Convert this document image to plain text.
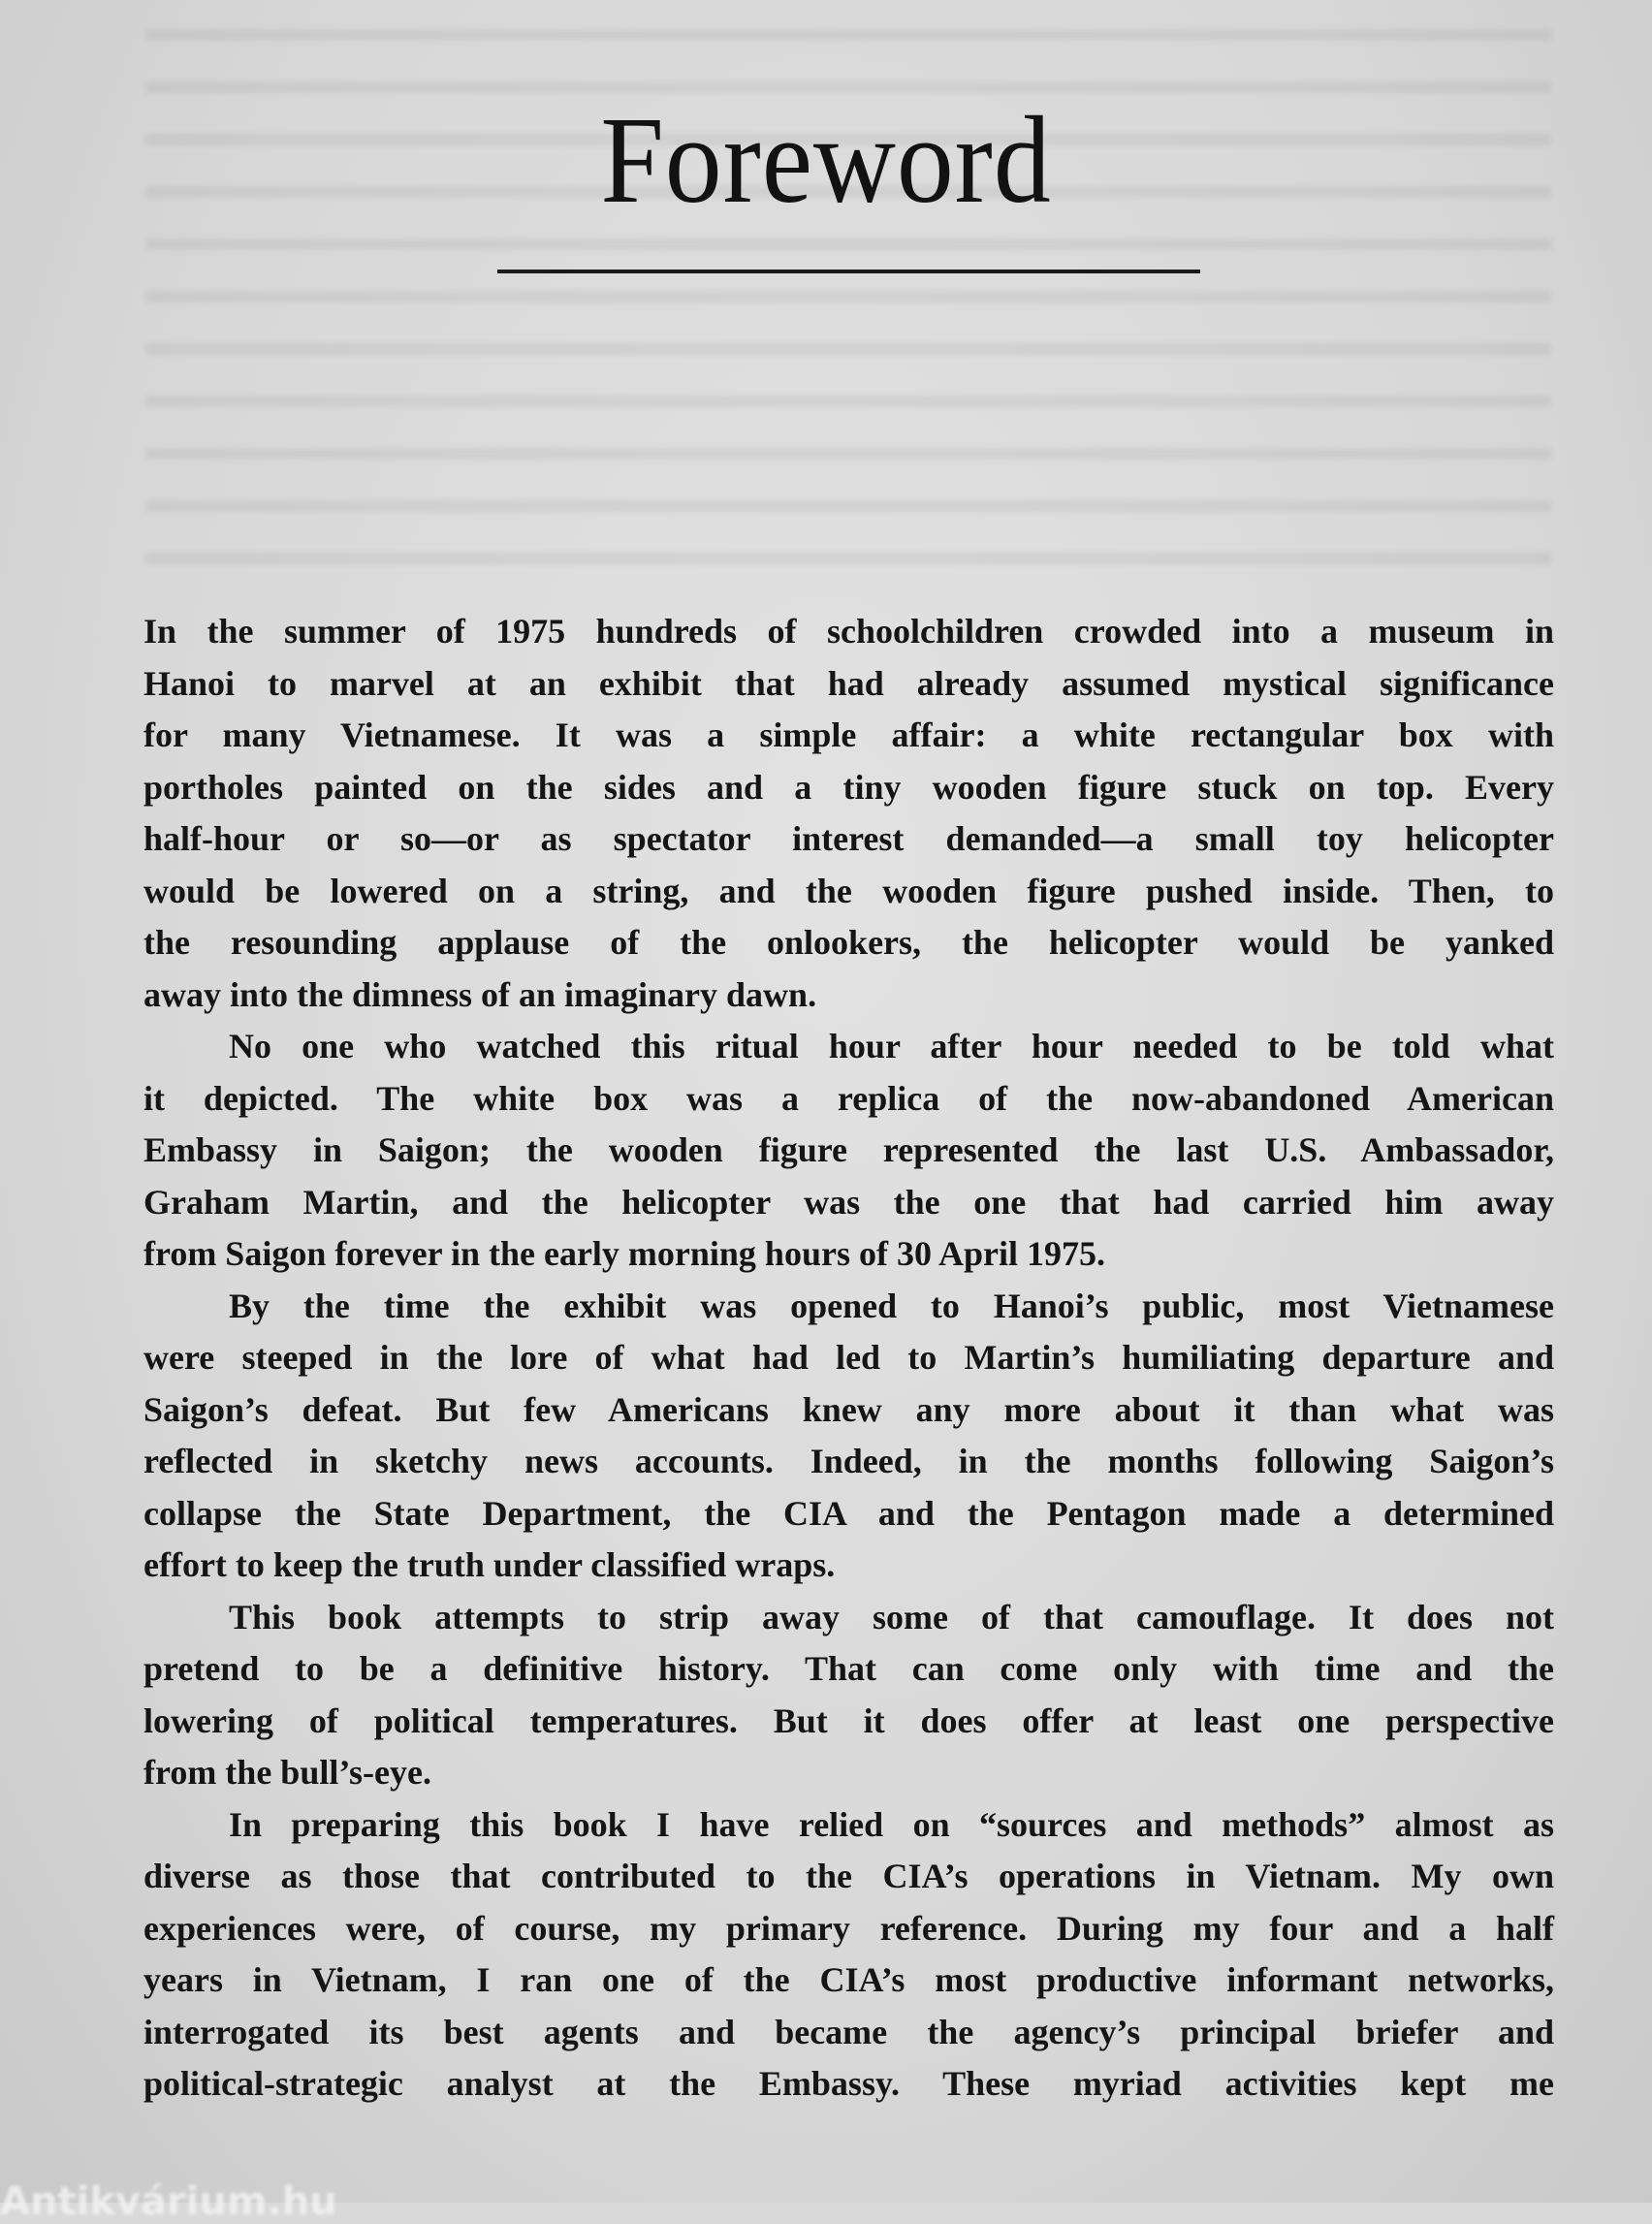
Foreword
In the summer of 1975 hundreds of schoolchildren crowded into a museum in
Hanoi to marvel at an exhibit that had already assumed mystical significance
for many Vietnamese. It was a simple affair: a white rectangular box with
portholes painted on the sides and a tiny wooden figure stuck on top. Every
half-hour or so—or as spectator interest demanded—a small toy helicopter
would be lowered on a string, and the wooden figure pushed inside. Then, to
the resounding applause of the onlookers, the helicopter would be yanked
away into the dimness of an imaginary dawn.
No one who watched this ritual hour after hour needed to be told what
it depicted. The white box was a replica of the now-abandoned American
Embassy in Saigon; the wooden figure represented the last U.S. Ambassador,
Graham Martin, and the helicopter was the one that had carried him away
from Saigon forever in the early morning hours of 30 April 1975.
By the time the exhibit was opened to Hanoi’s public, most Vietnamese
were steeped in the lore of what had led to Martin’s humiliating departure and
Saigon’s defeat. But few Americans knew any more about it than what was
reflected in sketchy news accounts. Indeed, in the months following Saigon’s
collapse the State Department, the CIA and the Pentagon made a determined
effort to keep the truth under classified wraps.
This book attempts to strip away some of that camouflage. It does not
pretend to be a definitive history. That can come only with time and the
lowering of political temperatures. But it does offer at least one perspective
from the bull’s-eye.
In preparing this book I have relied on “sources and methods” almost as
diverse as those that contributed to the CIA’s operations in Vietnam. My own
experiences were, of course, my primary reference. During my four and a half
years in Vietnam, I ran one of the CIA’s most productive informant networks,
interrogated its best agents and became the agency’s principal briefer and
political-strategic analyst at the Embassy. These myriad activities kept me
Antikvárium.hu
